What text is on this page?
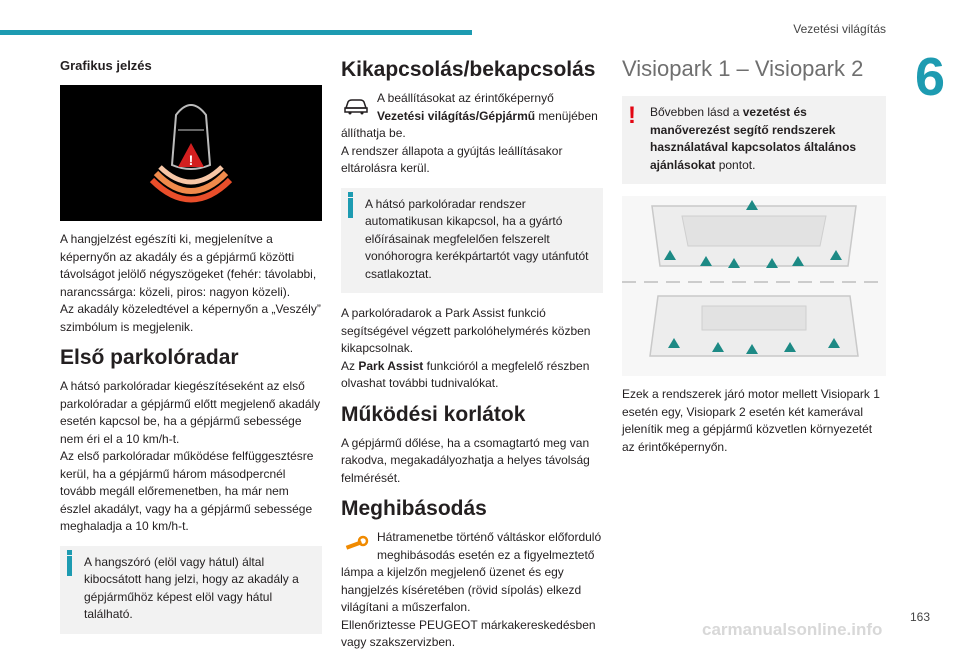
Vezetési világítás
6
Grafikus jelzés
!

A hangjelzést egészíti ki, megjelenítve a képernyőn az akadály és a gépjármű közötti távolságot jelölő négyszögeket (fehér: távolabbi, narancssárga: közeli, piros: nagyon közeli).

Az akadály közeledtével a képernyőn a „Veszély” szimbólum is megjelenik.

Első parkolóradar

A hátsó parkolóradar kiegészítéseként az első parkolóradar a gépjármű előtt megjelenő akadály esetén kapcsol be, ha a gépjármű sebessége nem éri el a 10 km/h-t.

Az első parkolóradar működése felfüggesztésre kerül, ha a gépjármű három másodpercnél tovább megáll előremenetben, ha már nem észlel akadályt, vagy ha a gépjármű sebessége meghaladja a 10 km/h-t.

A hangszóró (elöl vagy hátul) által kibocsátott hang jelzi, hogy az akadály a gépjárműhöz képest elöl vagy hátul található.

Kikapcsolás/bekapcsolás

A beállításokat az érintőképernyő Vezetési világítás/Gépjármű menüjében állíthatja be.

A rendszer állapota a gyújtás leállításakor eltárolásra kerül.

A hátsó parkolóradar rendszer automatikusan kikapcsol, ha a gyártó előírásainak megfelelően felszerelt vonóhorogra kerékpártartót vagy utánfutót csatlakoztat.

A parkolóradarok a Park Assist funkció segítségével végzett parkolóhelymérés közben kikapcsolnak.

Az Park Assist funkcióról a megfelelő részben olvashat további tudnivalókat.

Működési korlátok

A gépjármű dőlése, ha a csomagtartó meg van rakodva, megakadályozhatja a helyes távolság felmérését.

Meghibásodás

Hátramenetbe történő váltáskor előforduló meghibásodás esetén ez a figyelmeztető lámpa a kijelzőn megjelenő üzenet és egy hangjelzés kíséretében (rövid sípolás) elkezd világítani a műszerfalon.

Ellenőriztesse PEUGEOT márkakereskedésben vagy szakszervizben.

Visiopark 1 – Visiopark 2
!	Bővebben lásd a vezetést és manőverezést segítő rendszerek használatával kapcsolatos általános ajánlásokat pontot.

Ezek a rendszerek járó motor mellett Visiopark 1 esetén egy, Visiopark 2 esetén két kamerával jelenítik meg a gépjármű közvetlen környezetét az érintőképernyőn.

163
carmanualsonline.info
